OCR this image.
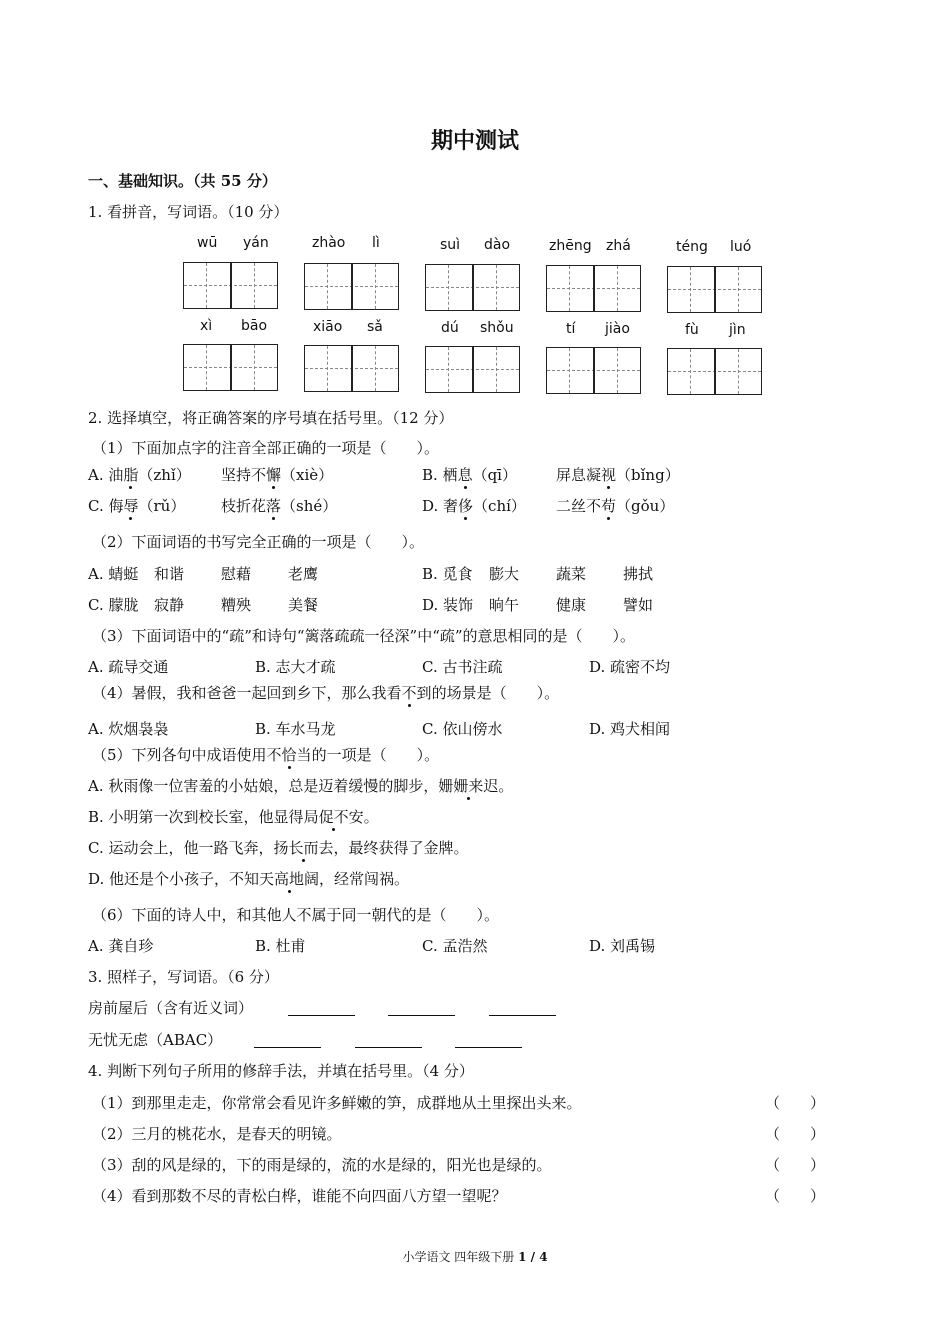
期中测试
一、基础知识。（共 55 分）
1. 看拼音，写词语。（10 分）
wū yán	zhào lì	suì dào	zhēng zhá	téng luó
xì bāo	xiāo sǎ	dú shǒu	tí jiào	fù jìn
2. 选择填空，将正确答案的序号填在括号里。（12 分）
（1）下面加点字的注音全部正确的一项是（　　）。
A. 油脂（zhǐ） 坚持不懈（xiè）	B. 栖息（qī）	屏息凝视（bǐng）
C. 侮辱（rǔ） 枝折花落（shé）	D. 奢侈（chí） 二丝不苟（gǒu）
（2）下面词语的书写完全正确的一项是（　　）。
A. 蜻蜓 和谐 慰藉 老鹰	B. 觅食 膨大 蔬菜 拂拭
C. 朦胧 寂静 糟殃 美餐	D. 装饰 晌午 健康 譬如
（3）下面词语中的“疏”和诗句“篱落疏疏一径深”中“疏”的意思相同的是（　　）。
A. 疏导交通	B. 志大才疏	C. 古书注疏	D. 疏密不均
（4）暑假，我和爸爸一起回到乡下，那么我看不到的场景是（　　）。
A. 炊烟袅袅	B. 车水马龙	C. 依山傍水	D. 鸡犬相闻
（5）下列各句中成语使用不恰当的一项是（　　）。
A. 秋雨像一位害羞的小姑娘，总是迈着缓慢的脚步，姗姗来迟。
B. 小明第一次到校长室，他显得局促不安。
C. 运动会上，他一路飞奔，扬长而去，最终获得了金牌。
D. 他还是个小孩子，不知天高地阔，经常闯祸。
（6）下面的诗人中，和其他人不属于同一朝代的是（　　）。
A. 龚自珍	B. 杜甫	C. 孟浩然	D. 刘禹锡
3. 照样子，写词语。（6 分）
房前屋后（含有近义词）
无忧无虑（ABAC）
4. 判断下列句子所用的修辞手法，并填在括号里。（4 分）
（1）到那里走走，你常常会看见许多鲜嫩的笋，成群地从土里探出头来。	（　　）
（2）三月的桃花水，是春天的明镜。	（　　）
（3）刮的风是绿的，下的雨是绿的，流的水是绿的，阳光也是绿的。	（　　）
（4）看到那数不尽的青松白桦，谁能不向四面八方望一望呢？	（　　）
小学语文 四年级下册 1 / 4
